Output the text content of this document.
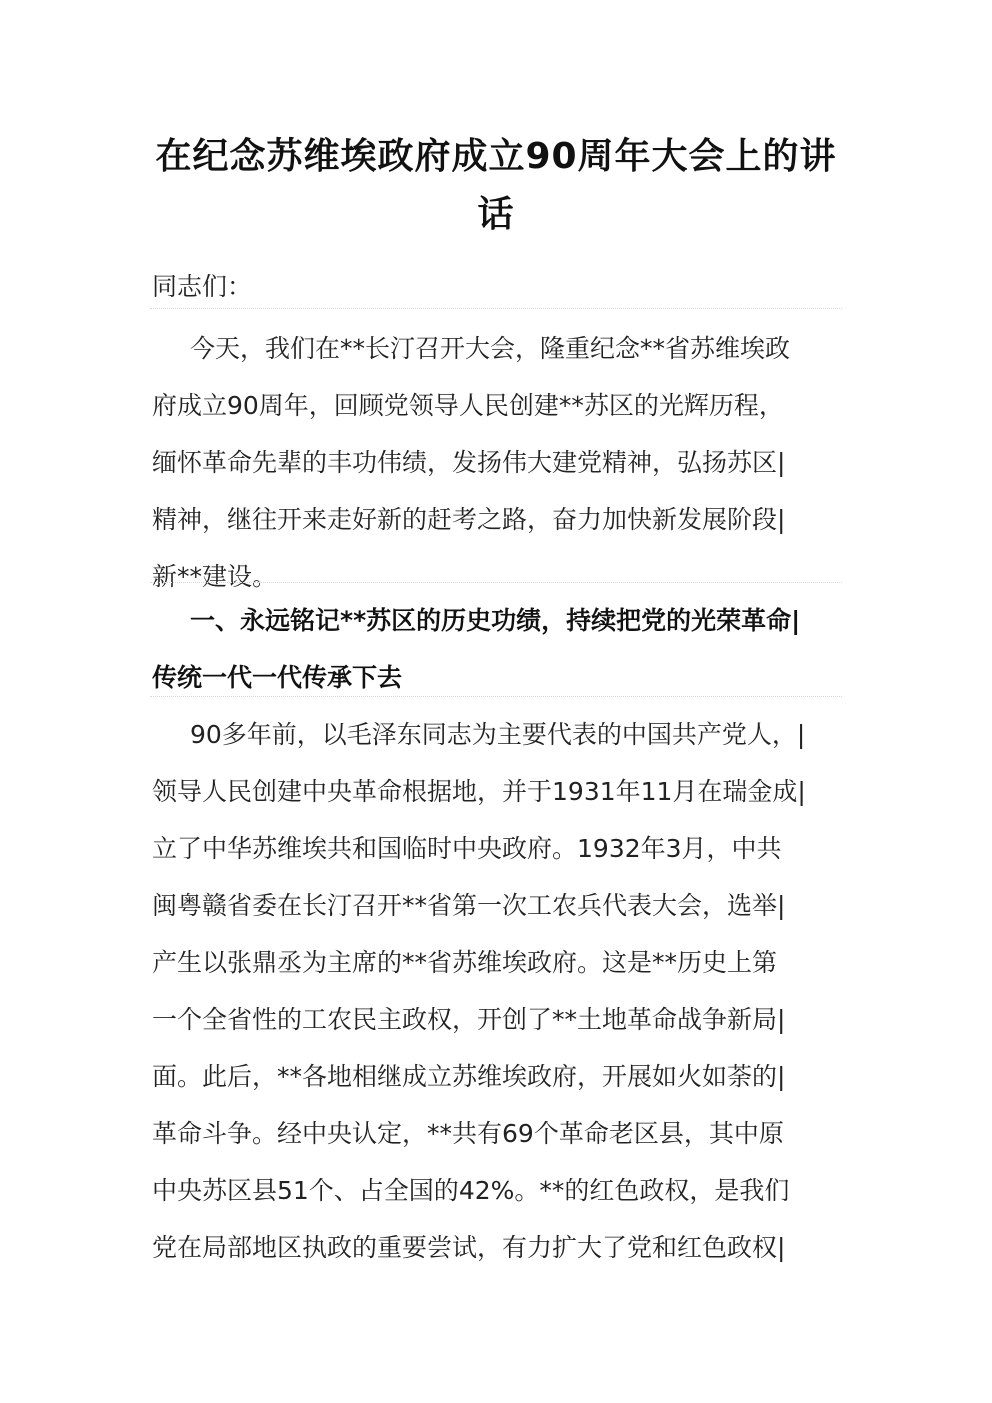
在纪念苏维埃政府成立90周年大会上的讲
话
同志们：
今天，我们在**长汀召开大会，隆重纪念**省苏维埃政
府成立90周年，回顾党领导人民创建**苏区的光辉历程，
缅怀革命先辈的丰功伟绩，发扬伟大建党精神，弘扬苏区|
精神，继往开来走好新的赶考之路，奋力加快新发展阶段|
新**建设。
一、永远铭记**苏区的历史功绩，持续把党的光荣革命|
传统一代一代传承下去
90多年前，以毛泽东同志为主要代表的中国共产党人，|
领导人民创建中央革命根据地，并于1931年11月在瑞金成|
立了中华苏维埃共和国临时中央政府。1932年3月，中共
闽粤赣省委在长汀召开**省第一次工农兵代表大会，选举|
产生以张鼎丞为主席的**省苏维埃政府。这是**历史上第
一个全省性的工农民主政权，开创了**土地革命战争新局|
面。此后，**各地相继成立苏维埃政府，开展如火如荼的|
革命斗争。经中央认定，**共有69个革命老区县，其中原
中央苏区县51个、占全国的42%。**的红色政权，是我们
党在局部地区执政的重要尝试，有力扩大了党和红色政权|
